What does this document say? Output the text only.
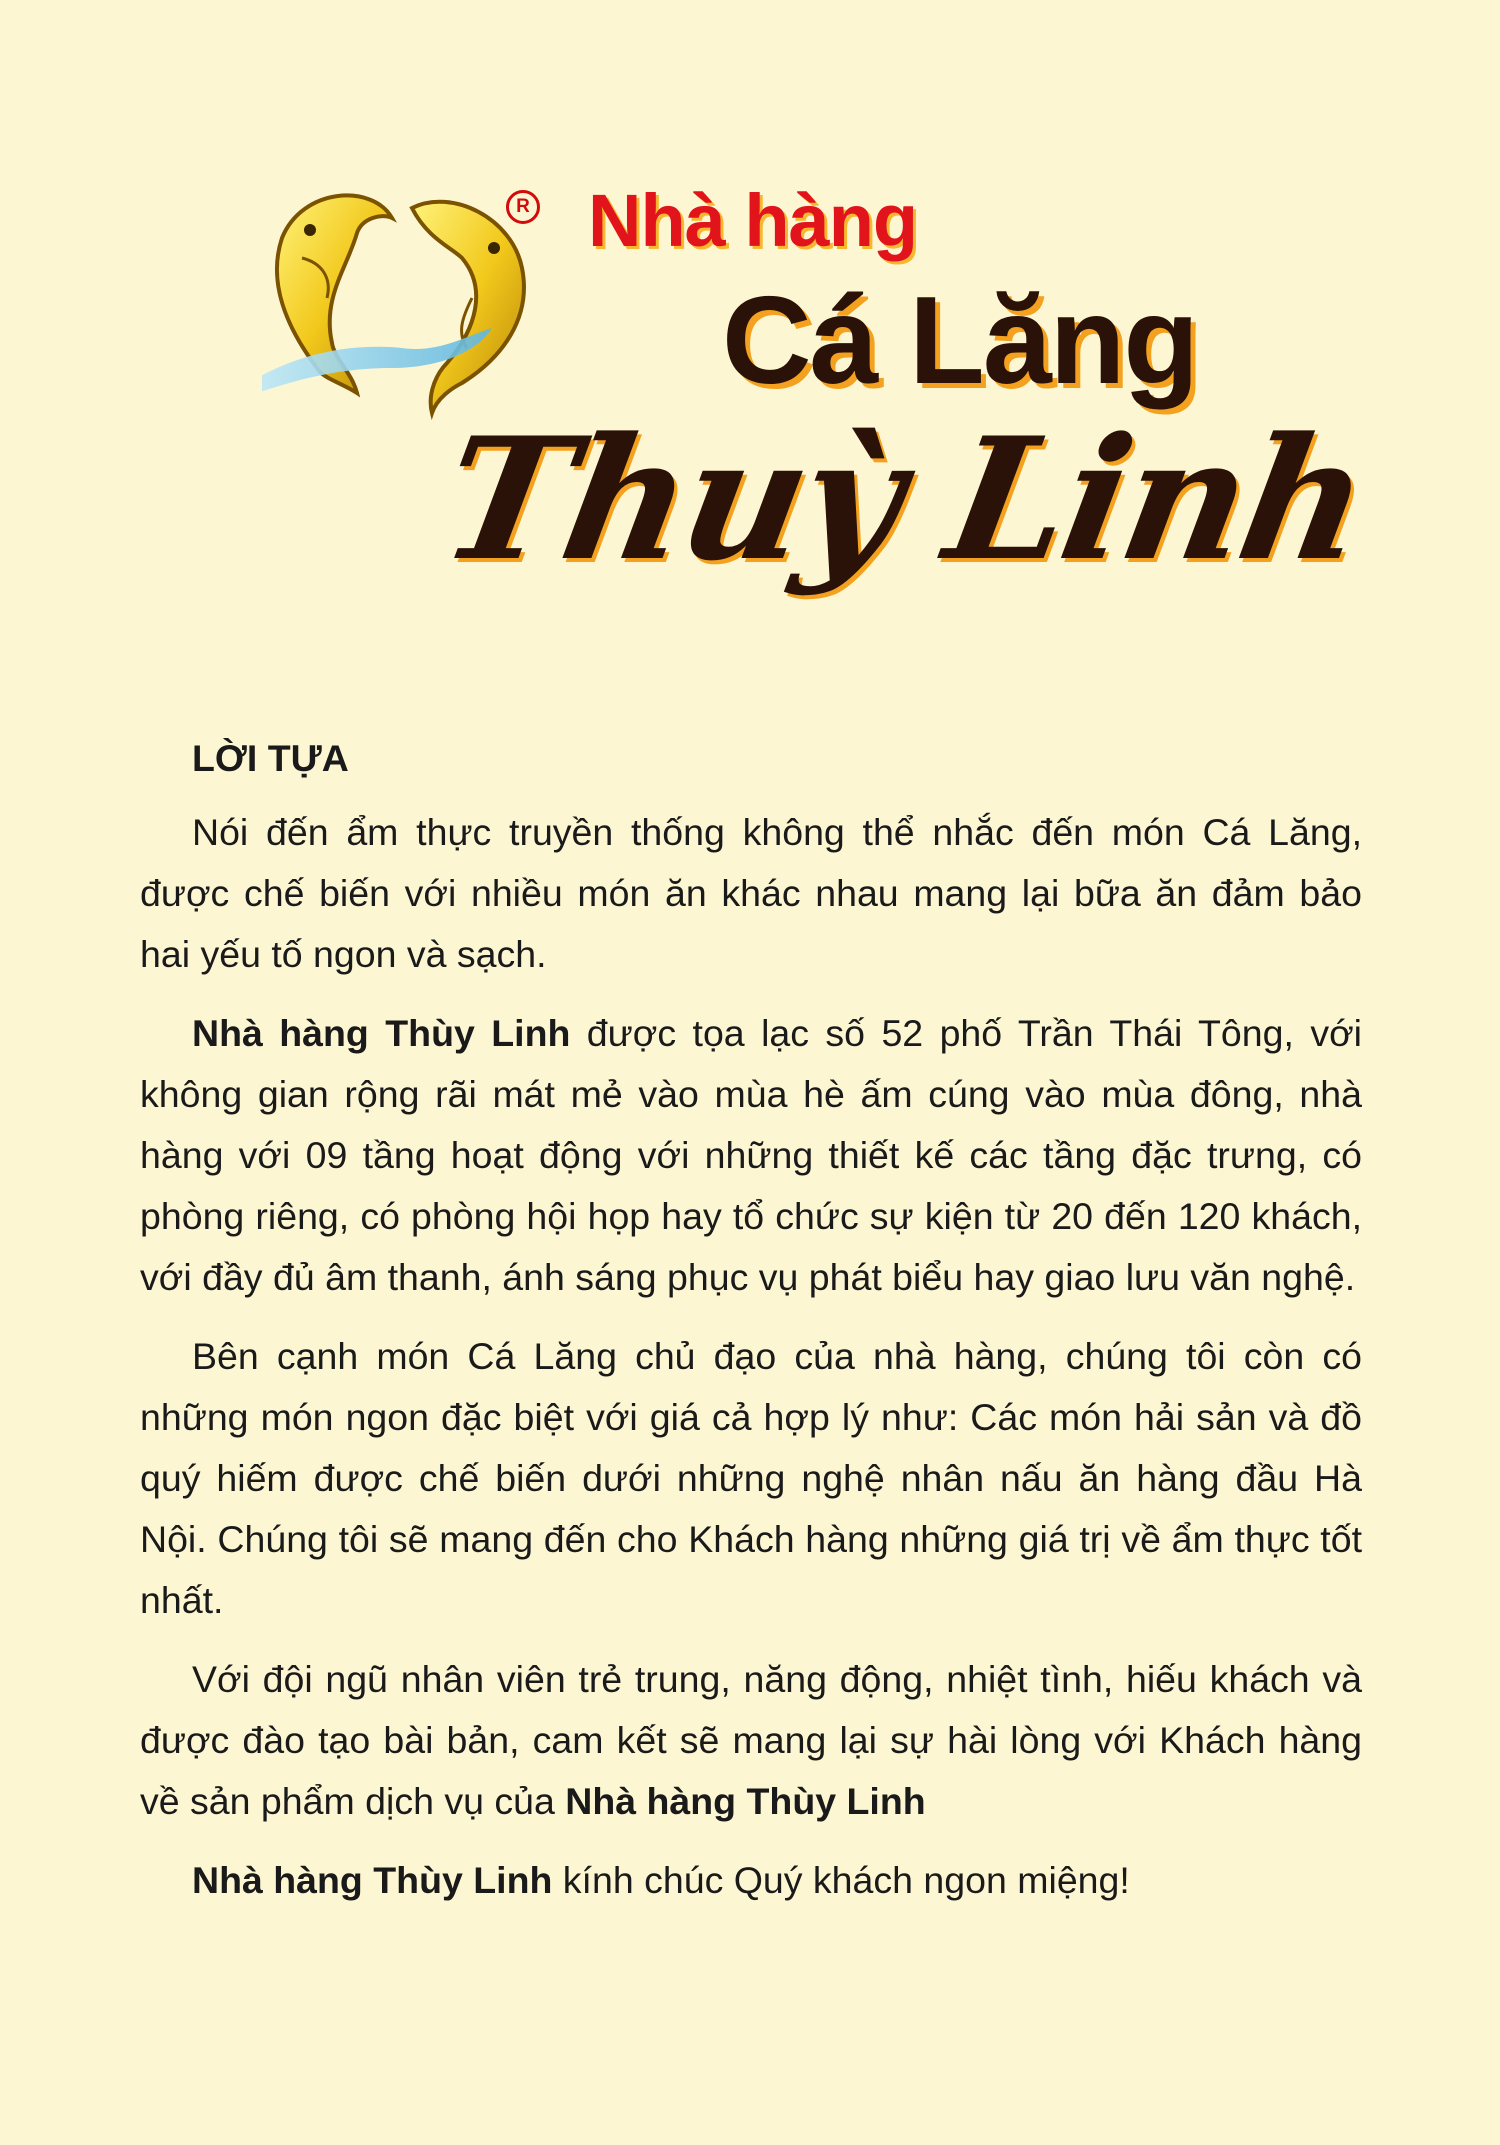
R Nhà hàng
Cá Lăng
Thuỳ Linh
LỜI TỰA

Nói đến ẩm thực truyền thống không thể nhắc đến món Cá Lăng, được chế biến với nhiều món ăn khác nhau mang lại bữa ăn đảm bảo hai yếu tố ngon và sạch.

Nhà hàng Thùy Linh được tọa lạc số 52 phố Trần Thái Tông, với không gian rộng rãi mát mẻ vào mùa hè ấm cúng vào mùa đông, nhà hàng với 09 tầng hoạt động với những thiết kế các tầng đặc trưng, có phòng riêng, có phòng hội họp hay tổ chức sự kiện từ 20 đến 120 khách, với đầy đủ âm thanh, ánh sáng phục vụ phát biểu hay giao lưu văn nghệ.

Bên cạnh món Cá Lăng chủ đạo của nhà hàng, chúng tôi còn có những món ngon đặc biệt với giá cả hợp lý như: Các món hải sản và đồ quý hiếm được chế biến dưới những nghệ nhân nấu ăn hàng đầu Hà Nội. Chúng tôi sẽ mang đến cho Khách hàng những giá trị về ẩm thực tốt nhất.

Với đội ngũ nhân viên trẻ trung, năng động, nhiệt tình, hiếu khách và được đào tạo bài bản, cam kết sẽ mang lại sự hài lòng với Khách hàng về sản phẩm dịch vụ của Nhà hàng Thùy Linh

Nhà hàng Thùy Linh kính chúc Quý khách ngon miệng!
